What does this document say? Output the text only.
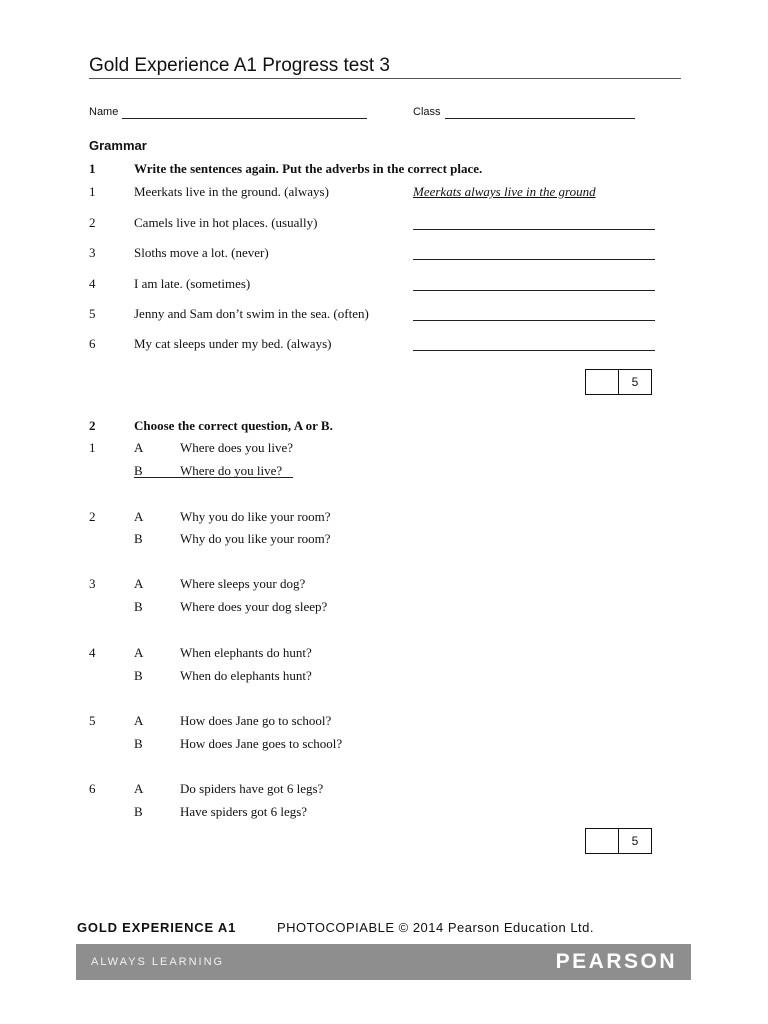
Gold Experience A1 Progress test 3
Name	Class
Grammar
1	Write the sentences again. Put the adverbs in the correct place.
1	Meerkats live in the ground. (always)	Meerkats always live in the ground
2	Camels live in hot places. (usually)
3	Sloths move a lot. (never)
4	I am late. (sometimes)
5	Jenny and Sam don’t swim in the sea. (often)
6	My cat sleeps under my bed. (always)
5
2	Choose the correct question, A or B.
1	A	Where does you live?
B	Where do you live?
2	A	Why you do like your room?
B	Why do you like your room?
3	A	Where sleeps your dog?
B	Where does your dog sleep?
4	A	When elephants do hunt?
B	When do elephants hunt?
5	A	How does Jane go to school?
B	How does Jane goes to school?
6	A	Do spiders have got 6 legs?
B	Have spiders got 6 legs?
5
GOLD EXPERIENCE A1	PHOTOCOPIABLE © 2014 Pearson Education Ltd.
ALWAYS LEARNING	PEARSON
